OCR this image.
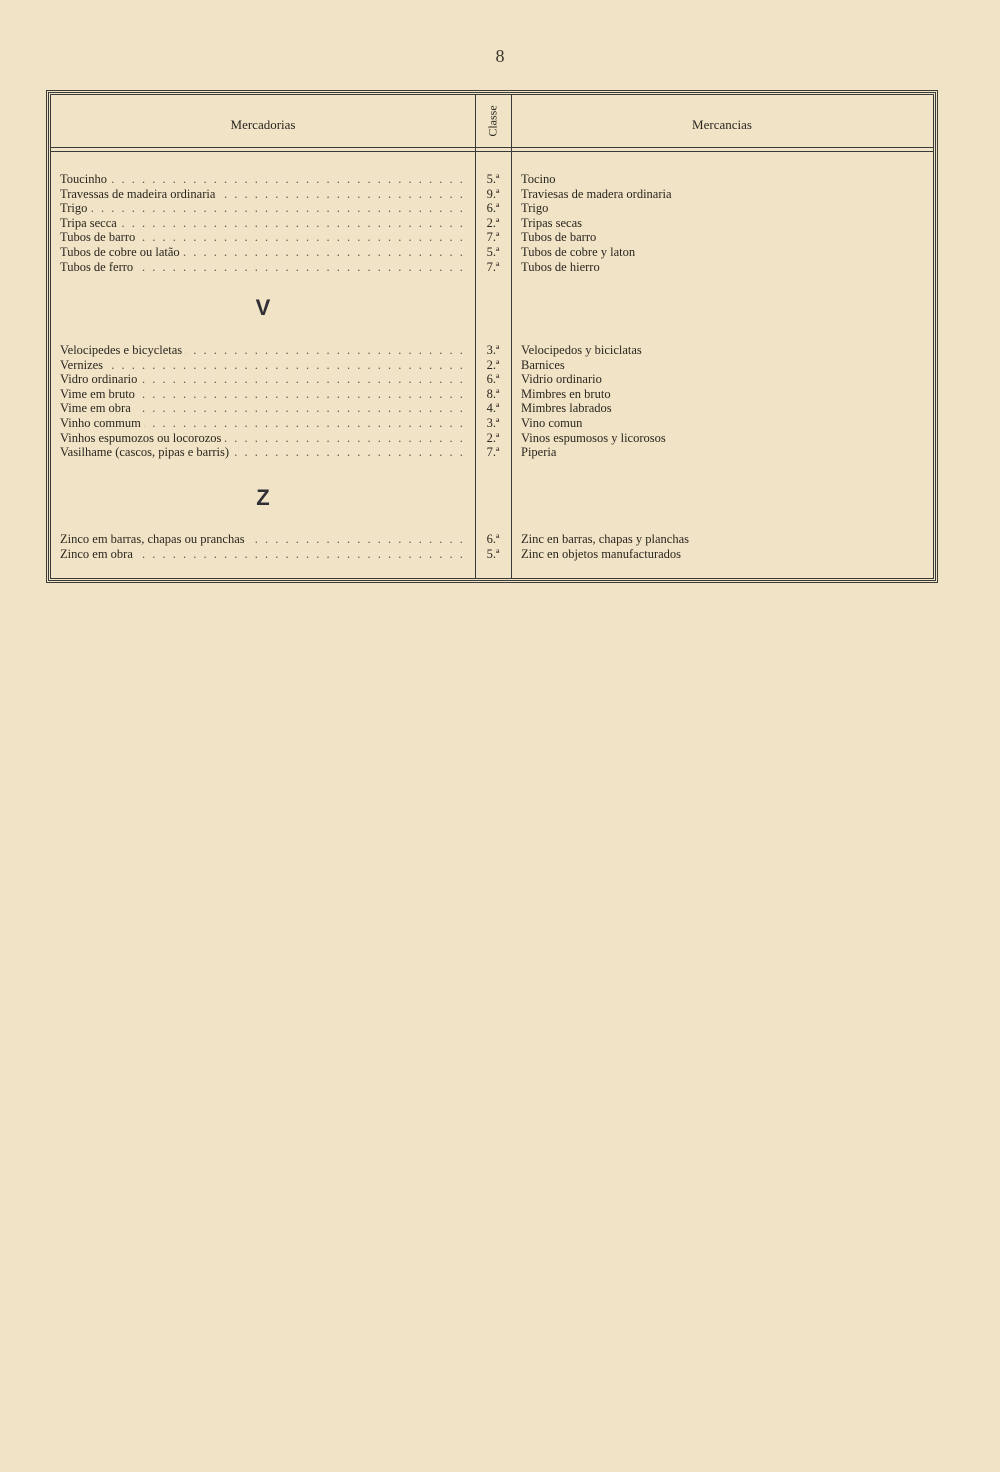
8
Mercadorias	Classe	Mercancias
Toucinho . . .	5.ª	Tocino
Travessas de madeira ordinaria . . .	9.ª	Traviesas de madera ordinaria
Trigo . . .	6.ª	Trigo
Tripa secca . . .	2.ª	Tripas secas
Tubos de barro . . .	7.ª	Tubos de barro
Tubos de cobre ou latão . . .	5.ª	Tubos de cobre y laton
Tubos de ferro . . .	7.ª	Tubos de hierro
V
Velocipedes e bicycletas . . .	3.ª	Velocipedos y biciclatas
Vernizes . . .	2.ª	Barnices
Vidro ordinario . . .	6.ª	Vidrio ordinario
Vime em bruto . . .	8.ª	Mimbres en bruto
Vime em obra . . .	4.ª	Mimbres labrados
Vinho commum . . .	3.ª	Vino comun
Vinhos espumozos ou locorozos . . .	2.ª	Vinos espumosos y licorosos
Vasilhame (cascos, pipas e barris) . . .	7.ª	Piperia
Z
Zinco em barras, chapas ou pranchas . . .	6.ª	Zinc en barras, chapas y planchas
Zinco em obra . . .	5.ª	Zinc en objetos manufacturados
